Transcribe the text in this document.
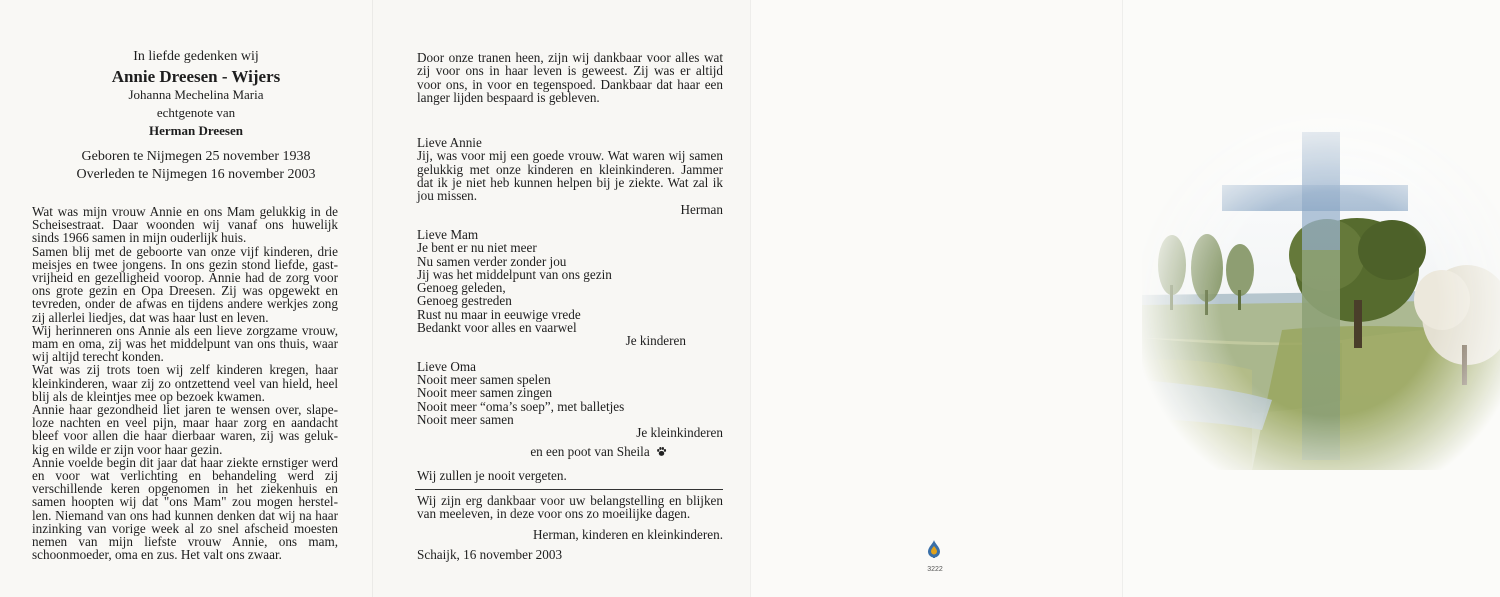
In liefde gedenken wij
Annie Dreesen - Wijers
Johanna Mechelina Maria
echtgenote van
Herman Dreesen
Geboren te Nijmegen 25 november 1938
Overleden te Nijmegen 16 november 2003

Wat was mijn vrouw Annie en ons Mam gelukkig in de Scheisestraat. Daar woonden wij vanaf ons huwelijk sinds 1966 samen in mijn ouderlijk huis.

Samen blij met de geboorte van onze vijf kinderen, drie meisjes en twee jongens. In ons gezin stond liefde, gast-vrijheid en gezelligheid voorop. Annie had de zorg voor ons grote gezin en Opa Dreesen. Zij was opgewekt en tevreden, onder de afwas en tijdens andere werkjes zong zij allerlei liedjes, dat was haar lust en leven.

Wij herinneren ons Annie als een lieve zorgzame vrouw, mam en oma, zij was het middelpunt van ons thuis, waar wij altijd terecht konden.

Wat was zij trots toen wij zelf kinderen kregen, haar kleinkinderen, waar zij zo ontzettend veel van hield, heel blij als de kleintjes mee op bezoek kwamen.

Annie haar gezondheid liet jaren te wensen over, slape-loze nachten en veel pijn, maar haar zorg en aandacht bleef voor allen die haar dierbaar waren, zij was geluk-kig en wilde er zijn voor haar gezin.

Annie voelde begin dit jaar dat haar ziekte ernstiger werd en voor wat verlichting en behandeling werd zij verschillende keren opgenomen in het ziekenhuis en samen hoopten wij dat "ons Mam" zou mogen herstel-len. Niemand van ons had kunnen denken dat wij na haar inzinking van vorige week al zo snel afscheid moesten nemen van mijn liefste vrouw Annie, ons mam, schoonmoeder, oma en zus. Het valt ons zwaar.

Door onze tranen heen, zijn wij dankbaar voor alles wat zij voor ons in haar leven is geweest. Zij was er altijd voor ons, in voor en tegenspoed. Dankbaar dat haar een langer lijden bespaard is gebleven.

Lieve Annie

Jij, was voor mij een goede vrouw. Wat waren wij samen gelukkig met onze kinderen en kleinkinderen. Jammer dat ik je niet heb kunnen helpen bij je ziekte. Wat zal ik jou missen.

Herman

Lieve Mam

Je bent er nu niet meer

Nu samen verder zonder jou

Jij was het middelpunt van ons gezin

Genoeg geleden,

Genoeg gestreden

Rust nu maar in eeuwige vrede

Bedankt voor alles en vaarwel

Je kinderen

Lieve Oma

Nooit meer samen spelen

Nooit meer samen zingen

Nooit meer “oma’s soep”, met balletjes

Nooit meer samen

Je kleinkinderen

en een poot van Sheila

Wij zullen je nooit vergeten.

Wij zijn erg dankbaar voor uw belangstelling en blijken van meeleven, in deze voor ons zo moeilijke dagen.

Herman, kinderen en kleinkinderen.

Schaijk, 16 november 2003

3222
